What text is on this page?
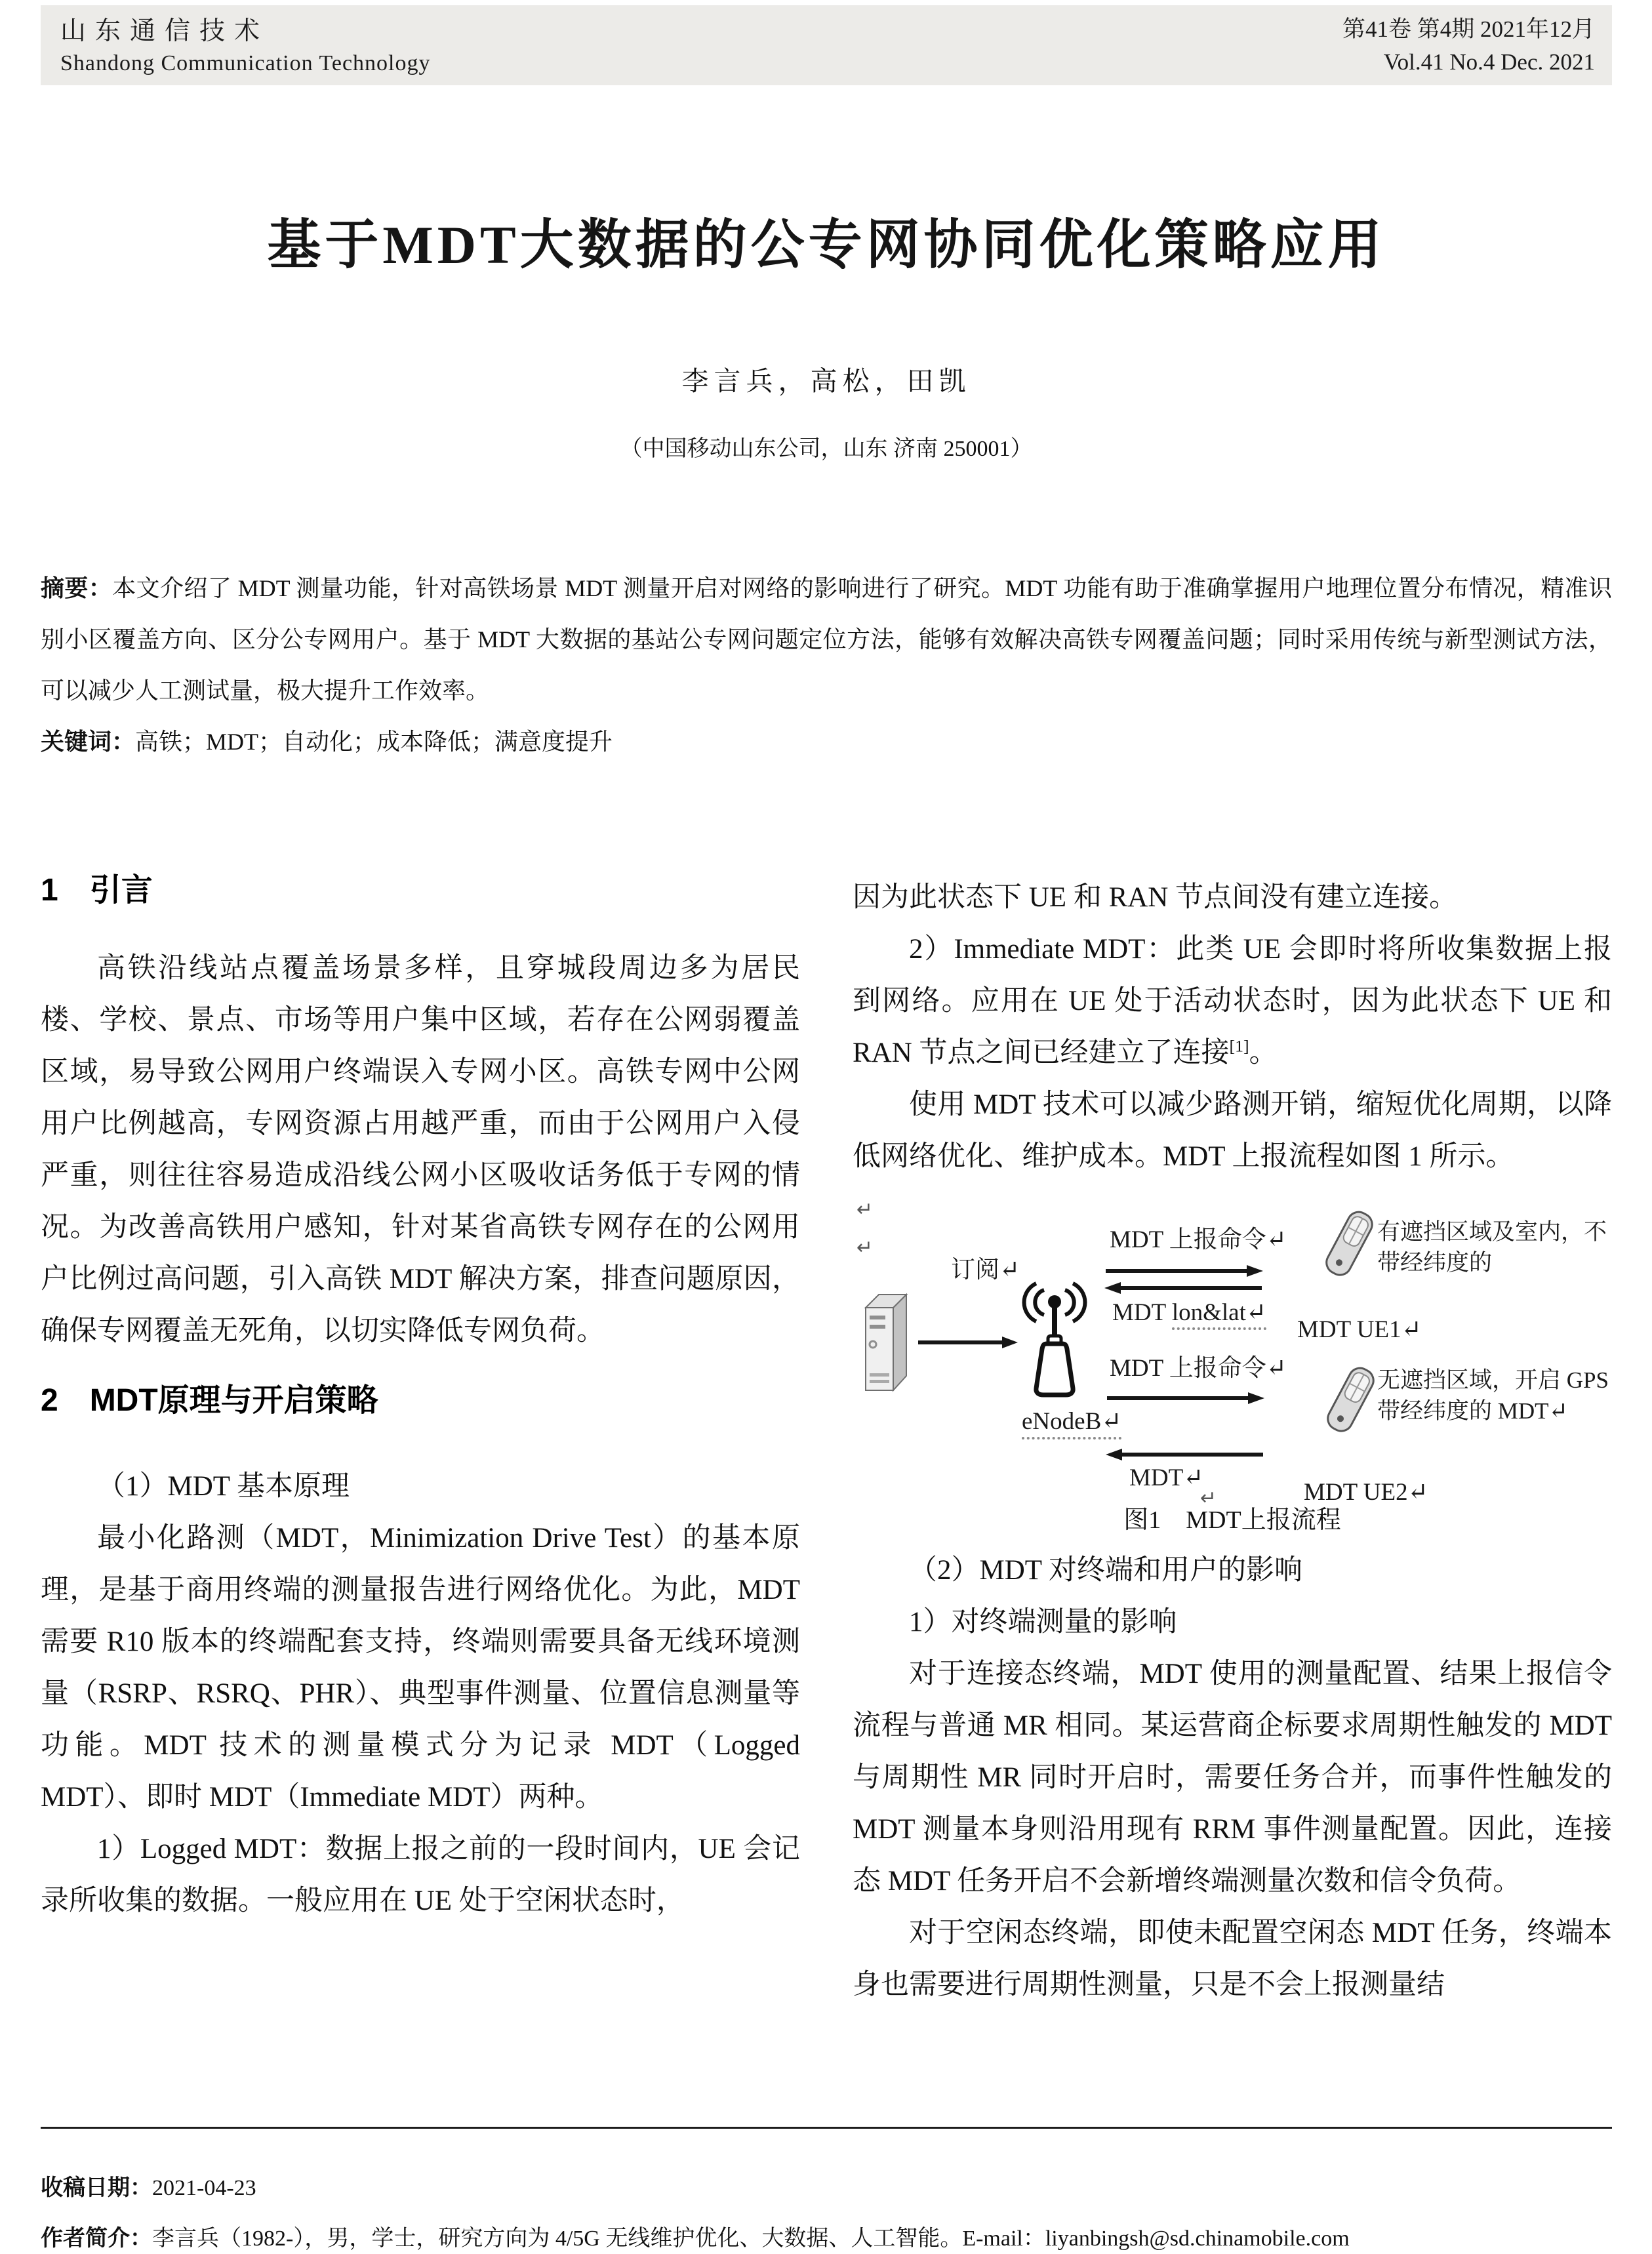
山东通信技术
Shandong Communication Technology
第41卷 第4期 2021年12月
Vol.41 No.4 Dec. 2021
基于MDT大数据的公专网协同优化策略应用
李言兵，高松，田凯
（中国移动山东公司，山东 济南 250001）

摘要：本文介绍了 MDT 测量功能，针对高铁场景 MDT 测量开启对网络的影响进行了研究。MDT 功能有助于准确掌握用户地理位置分布情况，精准识别小区覆盖方向、区分公专网用户。基于 MDT 大数据的基站公专网问题定位方法，能够有效解决高铁专网覆盖问题；同时采用传统与新型测试方法，可以减少人工测试量，极大提升工作效率。

关键词：高铁；MDT；自动化；成本降低；满意度提升

1　引言

高铁沿线站点覆盖场景多样，且穿城段周边多为居民楼、学校、景点、市场等用户集中区域，若存在公网弱覆盖区域，易导致公网用户终端误入专网小区。高铁专网中公网用户比例越高，专网资源占用越严重，而由于公网用户入侵严重，则往往容易造成沿线公网小区吸收话务低于专网的情况。为改善高铁用户感知，针对某省高铁专网存在的公网用户比例过高问题，引入高铁 MDT 解决方案，排查问题原因，确保专网覆盖无死角，以切实降低专网负荷。

2　MDT原理与开启策略

（1）MDT 基本原理

最小化路测（MDT，Minimization Drive Test）的基本原理，是基于商用终端的测量报告进行网络优化。为此，MDT 需要 R10 版本的终端配套支持，终端则需要具备无线环境测量（RSRP、RSRQ、PHR）、典型事件测量、位置信息测量等功能。MDT 技术的测量模式分为记录 MDT（Logged MDT）、即时 MDT（Immediate MDT）两种。

1）Logged MDT：数据上报之前的一段时间内，UE 会记录所收集的数据。一般应用在 UE 处于空闲状态时，

因为此状态下 UE 和 RAN 节点间没有建立连接。

2）Immediate MDT：此类 UE 会即时将所收集数据上报到网络。应用在 UE 处于活动状态时，因为此状态下 UE 和 RAN 节点之间已经建立了连接[1]。

使用 MDT 技术可以减少路测开销，缩短优化周期，以降低网络优化、维护成本。MDT 上报流程如图 1 所示。

↵
↵
订阅↵
eNodeB↵
MDT 上报命令↵
MDT lon&lat↵
有遮挡区域及室内，不带经纬度的
MDT UE1↵
MDT 上报命令↵
MDT↵
↵
无遮挡区域，开启 GPS 带经纬度的 MDT↵
MDT UE2↵
图1　MDT上报流程

（2）MDT 对终端和用户的影响

1）对终端测量的影响

对于连接态终端，MDT 使用的测量配置、结果上报信令流程与普通 MR 相同。某运营商企标要求周期性触发的 MDT 与周期性 MR 同时开启时，需要任务合并，而事件性触发的 MDT 测量本身则沿用现有 RRM 事件测量配置。因此，连接态 MDT 任务开启不会新增终端测量次数和信令负荷。

对于空闲态终端，即使未配置空闲态 MDT 任务，终端本身也需要进行周期性测量，只是不会上报测量结

收稿日期：2021-04-23

作者简介：李言兵（1982-），男，学士，研究方向为 4/5G 无线维护优化、大数据、人工智能。E-mail：liyanbingsh@sd.chinamobile.com
